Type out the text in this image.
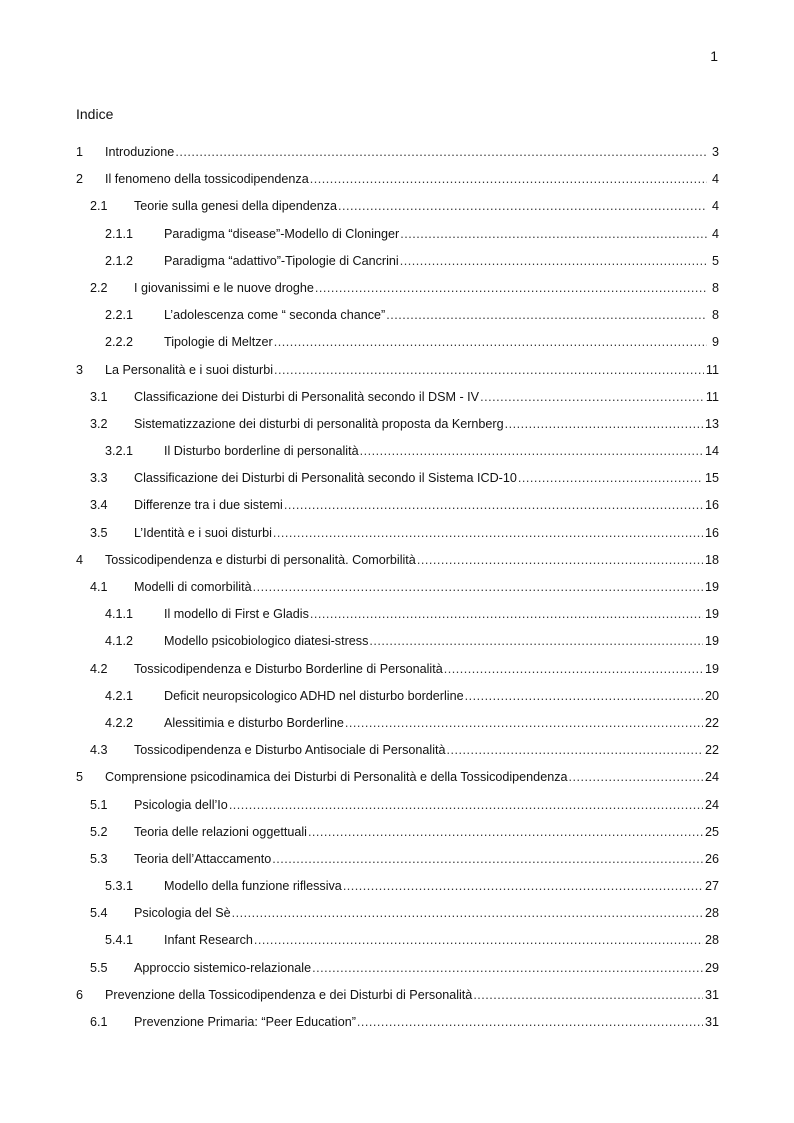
1
Indice
1	Introduzione .....	3
2	Il fenomeno della tossicodipendenza .....	4
2.1	Teorie sulla genesi della dipendenza .....	4
2.1.1	Paradigma “disease”-Modello di Cloninger .....	4
2.1.2	Paradigma “adattivo”-Tipologie di Cancrini .....	5
2.2	I giovanissimi e le nuove droghe .....	8
2.2.1	L’adolescenza come “ seconda chance” .....	8
2.2.2	Tipologie di Meltzer .....	9
3	La Personalità e i suoi disturbi .....	11
3.1	Classificazione dei Disturbi di Personalità secondo il DSM - IV .....	11
3.2	Sistematizzazione dei disturbi di personalità proposta da Kernberg .....	13
3.2.1	Il Disturbo borderline di personalità .....	14
3.3	Classificazione dei Disturbi di Personalità secondo il Sistema ICD-10 .....	15
3.4	Differenze tra i due sistemi .....	16
3.5	L’Identità e i suoi disturbi .....	16
4	Tossicodipendenza e disturbi di personalità. Comorbilità .....	18
4.1	Modelli di comorbilità .....	19
4.1.1	Il modello di First e Gladis .....	19
4.1.2	Modello psicobiologico diatesi-stress .....	19
4.2	Tossicodipendenza e Disturbo Borderline di Personalità .....	19
4.2.1	Deficit neuropsicologico ADHD nel disturbo borderline .....	20
4.2.2	Alessitimia e disturbo Borderline .....	22
4.3	Tossicodipendenza e Disturbo Antisociale di Personalità .....	22
5	Comprensione psicodinamica dei Disturbi di Personalità e della Tossicodipendenza .....	24
5.1	Psicologia dell’Io .....	24
5.2	Teoria delle relazioni oggettuali .....	25
5.3	Teoria dell’Attaccamento .....	26
5.3.1	Modello della funzione riflessiva .....	27
5.4	Psicologia del Sè .....	28
5.4.1	Infant Research .....	28
5.5	Approccio sistemico-relazionale .....	29
6	Prevenzione della Tossicodipendenza e dei Disturbi di Personalità .....	31
6.1	Prevenzione Primaria: “Peer Education” .....	31
